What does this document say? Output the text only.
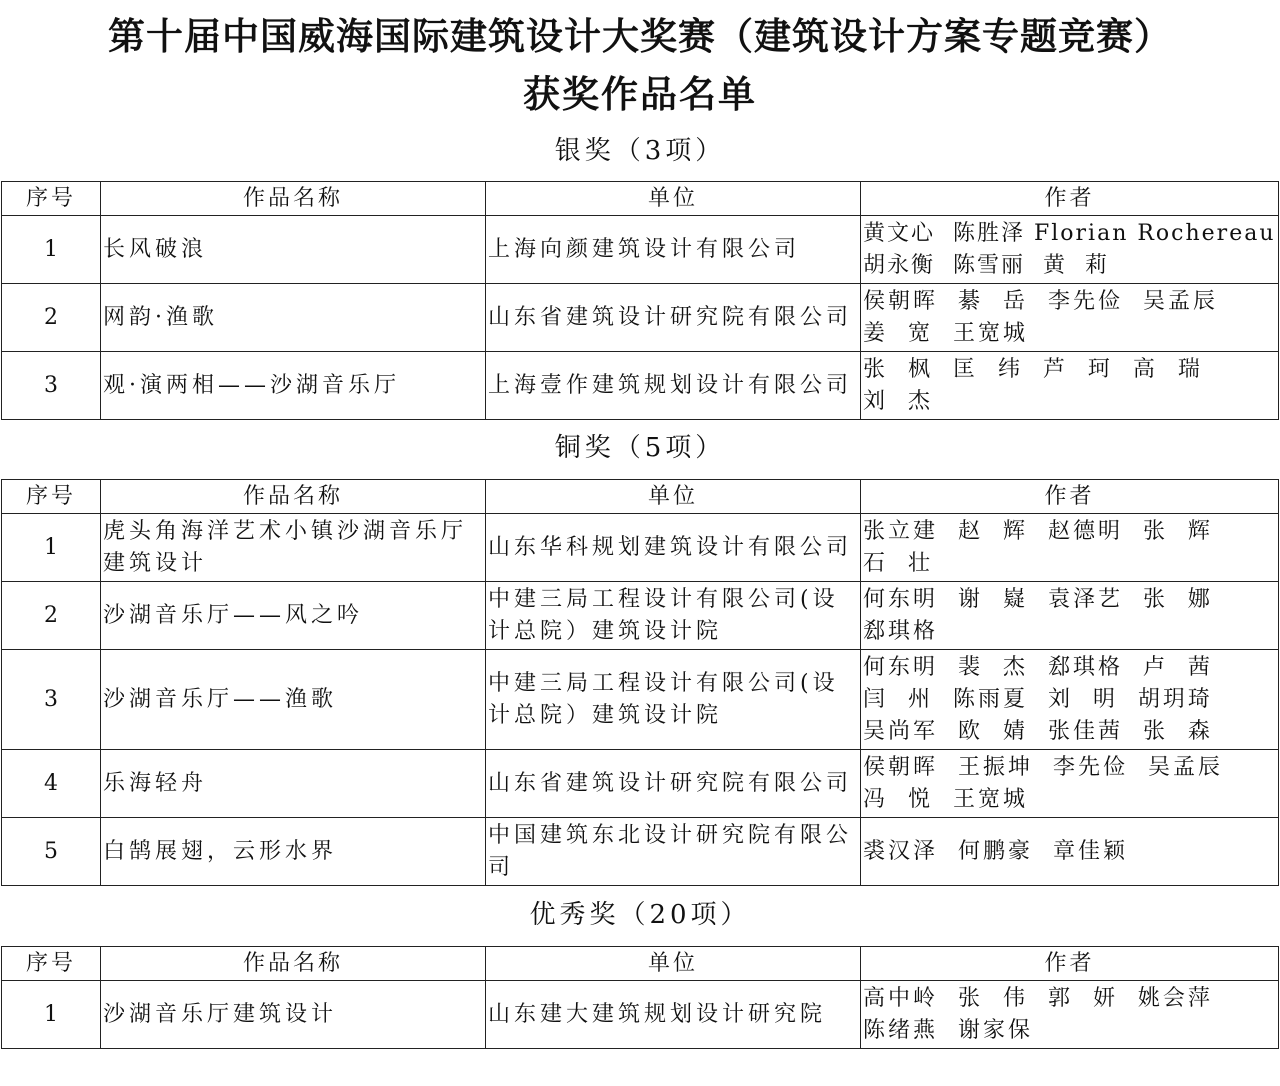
第十届中国威海国际建筑设计大奖赛（建筑设计方案专题竞赛）
获奖作品名单
银奖（3项）
序号	作品名称	单位	作者
1	长风破浪	上海向颜建筑设计有限公司	黄文心  陈胜泽 Florian Rochereau
胡永衡  陈雪丽  黄  莉
2	网韵·渔歌	山东省建筑设计研究院有限公司	侯朝晖  綦  岳  李先俭  吴孟辰
姜  宽  王宽城
3	观·演两相——沙湖音乐厅	上海壹作建筑规划设计有限公司	张  枫  匡  纬  芦  珂  高  瑞
刘  杰
铜奖（5项）
序号	作品名称	单位	作者
1	虎头角海洋艺术小镇沙湖音乐厅建筑设计	山东华科规划建筑设计有限公司	张立建  赵  辉  赵德明  张  辉
石  壮
2	沙湖音乐厅——风之吟	中建三局工程设计有限公司(设计总院）建筑设计院	何东明  谢  嶷  袁泽艺  张  娜
郄琪格
3	沙湖音乐厅——渔歌	中建三局工程设计有限公司(设计总院）建筑设计院	何东明  裴  杰  郄琪格  卢  茜
闫  州  陈雨夏  刘  明  胡玥琦
吴尚军  欧  婧  张佳茜  张  森
4	乐海轻舟	山东省建筑设计研究院有限公司	侯朝晖  王振坤  李先俭  吴孟辰
冯  悦  王宽城
5	白鹄展翅，云形水界	中国建筑东北设计研究院有限公司	裘汉泽  何鹏豪  章佳颖
优秀奖（20项）
序号	作品名称	单位	作者
1	沙湖音乐厅建筑设计	山东建大建筑规划设计研究院	高中岭  张  伟  郭  妍  姚会萍
陈绪燕  谢家保
